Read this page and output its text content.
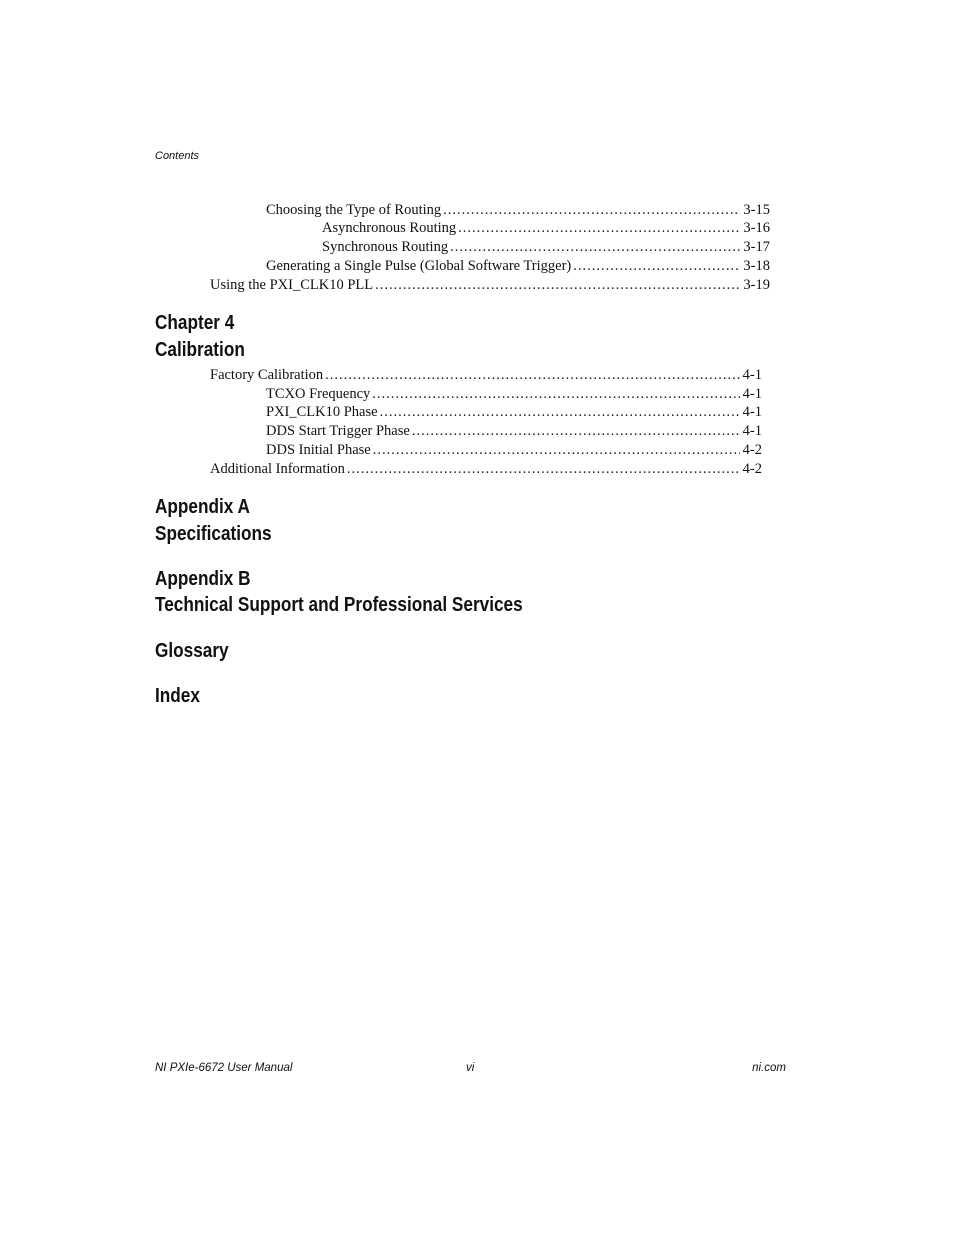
Contents
Choosing the Type of Routing .....	3-15
Asynchronous Routing .....	3-16
Synchronous Routing .....	3-17
Generating a Single Pulse (Global Software Trigger) .....	3-18
Using the PXI_CLK10 PLL .....	3-19
Chapter 4
Calibration
Factory Calibration .....	4-1
TCXO Frequency .....	4-1
PXI_CLK10 Phase .....	4-1
DDS Start Trigger Phase .....	4-1
DDS Initial Phase .....	4-2
Additional Information .....	4-2
Appendix A
Specifications
Appendix B
Technical Support and Professional Services
Glossary
Index
NI PXIe-6672 User Manual	vi	ni.com
